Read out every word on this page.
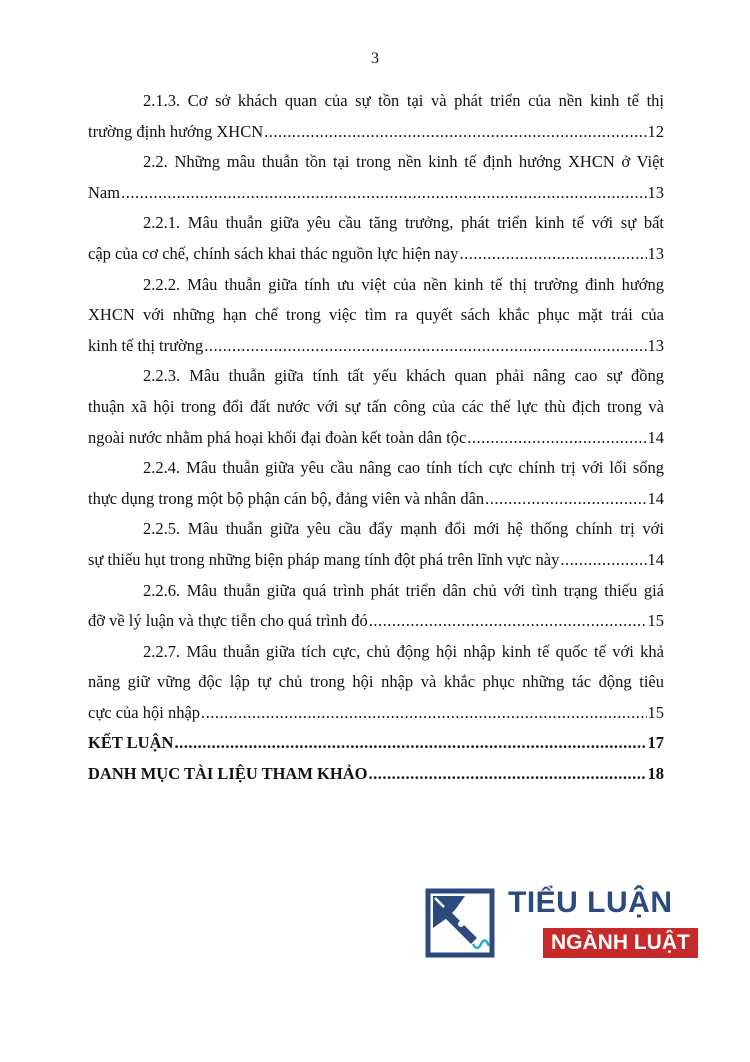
3
2.1.3. Cơ sở khách quan của sự tồn tại và phát triển của nền kinh tế thị
trường định hướng XHCN .....	12
2.2. Những mâu thuẫn tồn tại trong nền kinh tế định hướng XHCN ở Việt
Nam .....	13
2.2.1. Mâu thuẫn giữa yêu cầu tăng trưởng, phát triển kinh tế với sự bất
cập của cơ chế, chính sách khai thác nguồn lực hiện nay .....	13
2.2.2. Mâu thuẫn giữa tính ưu việt của nền kinh tế thị trường đinh hướng
XHCN với những hạn chế trong việc tìm ra quyết sách khắc phục mặt trái của
kinh tế thị trường .....	13
2.2.3. Mâu thuẫn giữa tính tất yếu khách quan phải nâng cao sự đồng
thuận xã hội trong đổi đất nước với sự tấn công của các thế lực thù địch trong và
ngoài nước nhằm phá hoại khối đại đoàn kết toàn dân tộc .....	14
2.2.4. Mâu thuẫn giữa yêu cầu nâng cao tính tích cực chính trị với lối sống
thực dụng trong một bộ phận cán bộ, đảng viên và nhân dân .....	14
2.2.5. Mâu thuẫn giữa yêu cầu đẩy mạnh đổi mới hệ thống chính trị với
sự thiếu hụt trong những biện pháp mang tính đột phá trên lĩnh vực này .....	14
2.2.6. Mâu thuẫn giữa quá trình phát triển dân chủ với tình trạng thiếu giá
đỡ về lý luận và thực tiễn cho quá trình đó .....	15
2.2.7. Mâu thuẫn giữa tích cực, chủ động hội nhập kinh tế quốc tế với khả
năng giữ vững độc lập tự chủ trong hội nhập và khắc phục những tác động tiêu
cực của hội nhập .....	15
KẾT LUẬN .....	17
DANH MỤC TÀI LIỆU THAM KHẢO .....	18
TIỂU LUẬN
NGÀNH LUẬT
